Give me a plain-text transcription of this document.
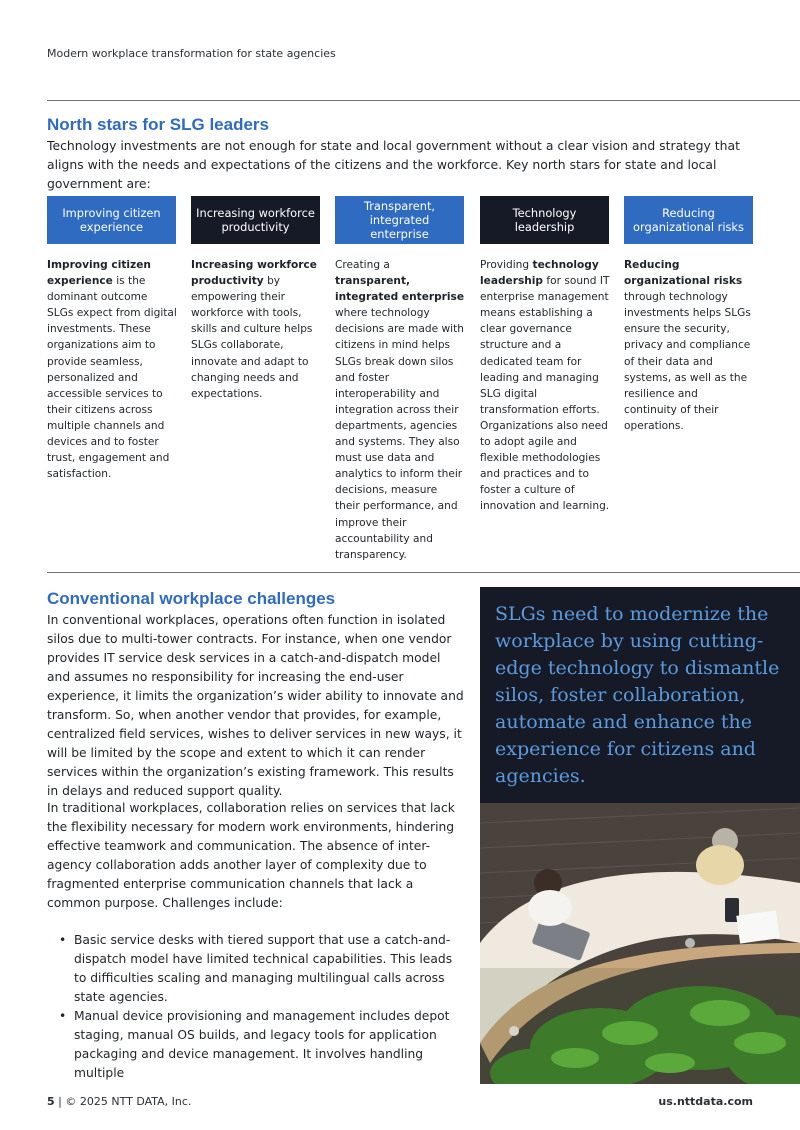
Modern workplace transformation for state agencies
North stars for SLG leaders

Technology investments are not enough for state and local government without a clear vision and strategy that aligns with the needs and expectations of the citizens and the workforce. Key north stars for state and local government are:

Improving citizen experience
Increasing workforce productivity
Transparent, integrated enterprise
Technology leadership
Reducing organizational risks
Improving citizen experience is the dominant outcome SLGs expect from digital investments. These organizations aim to provide seamless, personalized and accessible services to their citizens across multiple channels and devices and to foster trust, engagement and satisfaction.
Increasing workforce productivity by empowering their workforce with tools, skills and culture helps SLGs collaborate, innovate and adapt to changing needs and expectations.
Creating a transparent, integrated enterprise where technology decisions are made with citizens in mind helps SLGs break down silos and foster interoperability and integration across their departments, agencies and systems. They also must use data and analytics to inform their decisions, measure their performance, and improve their accountability and transparency.
Providing technology leadership for sound IT enterprise management means establishing a clear governance structure and a dedicated team for leading and managing SLG digital transformation efforts. Organizations also need to adopt agile and flexible methodologies and practices and to foster a culture of innovation and learning.
Reducing organizational risks through technology investments helps SLGs ensure the security, privacy and compliance of their data and systems, as well as the resilience and continuity of their operations.
Conventional workplace challenges

In conventional workplaces, operations often function in isolated silos due to multi-tower contracts. For instance, when one vendor provides IT service desk services in a catch-and-dispatch model and assumes no responsibility for increasing the end-user experience, it limits the organization’s wider ability to innovate and transform. So, when another vendor that provides, for example, centralized field services, wishes to deliver services in new ways, it will be limited by the scope and extent to which it can render services within the organization’s existing framework. This results in delays and reduced support quality.

In traditional workplaces, collaboration relies on services that lack the flexibility necessary for modern work environments, hindering effective teamwork and communication. The absence of inter-agency collaboration adds another layer of complexity due to fragmented enterprise communication channels that lack a common purpose. Challenges include:

• Basic service desks with tiered support that use a catch-and-dispatch model have limited technical capabilities. This leads to difficulties scaling and managing multilingual calls across state agencies.
• Manual device provisioning and management includes depot staging, manual OS builds, and legacy tools for application packaging and device management. It involves handling multiple

SLGs need to modernize the workplace by using cutting-edge technology to dismantle silos, foster collaboration, automate and enhance the experience for citizens and agencies.

5 | © 2025 NTT DATA, Inc.	us.nttdata.com
